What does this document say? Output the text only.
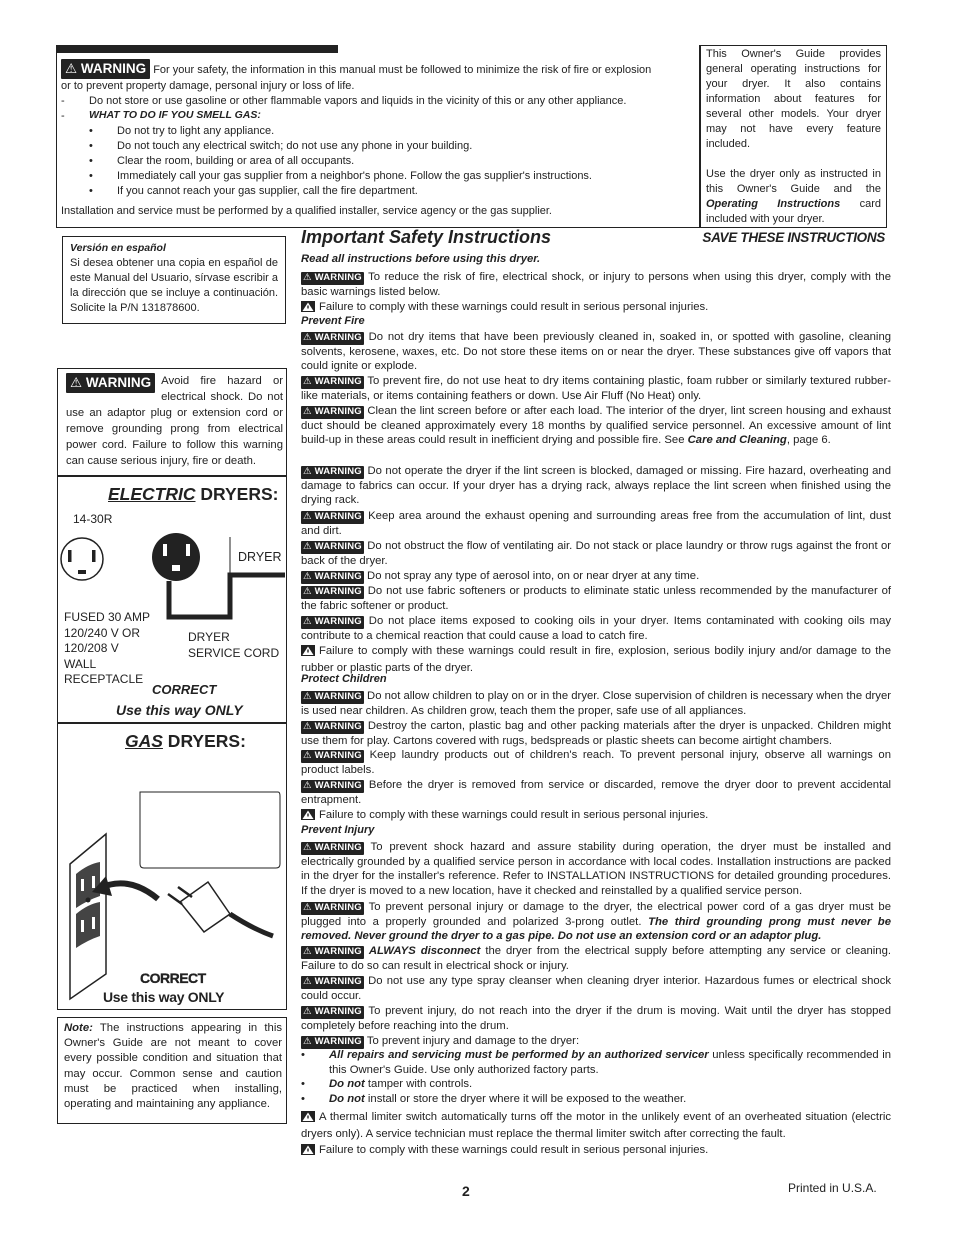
⚠ WARNING For your safety, the information in this manual must be followed to minimize the risk of fire or explosion
or to prevent property damage, personal injury or loss of life.
- Do not store or use gasoline or other flammable vapors and liquids in the vicinity of this or any other appliance.
- WHAT TO DO IF YOU SMELL GAS:
• Do not try to light any appliance.
• Do not touch any electrical switch; do not use any phone in your building.
• Clear the room, building or area of all occupants.
• Immediately call your gas supplier from a neighbor's phone. Follow the gas supplier's instructions.
• If you cannot reach your gas supplier, call the fire department.
Installation and service must be performed by a qualified installer, service agency or the gas supplier.

This Owner's Guide provides general operating instructions for your dryer. It also contains information about features for several other models. Your dryer may not have every feature included.

Use the dryer only as instructed in this Owner's Guide and the Operating Instructions card included with your dryer.

Versión en español
Si desea obtener una copia en español de este Manual del Usuario, sírvase escribir a la dirección que se incluye a continuación. Solicite la P/N 131878600.
⚠ WARNING Avoid fire hazard or electrical shock. Do not use an adaptor plug or extension cord or remove grounding prong from electrical power cord. Failure to follow this warning can cause serious injury, fire or death.
ELECTRIC DRYERS:
14-30R
DRYER
FUSED 30 AMP
120/240 V OR
120/208 V
WALL
RECEPTACLE
DRYER
SERVICE CORD
CORRECT
Use this way ONLY
GAS DRYERS:
CORRECT
Use this way ONLY
Note: The instructions appearing in this Owner's Guide are not meant to cover every possible condition and situation that may occur. Common sense and caution must be practiced when installing, operating and maintaining any appliance.
Important Safety Instructions	SAVE THESE INSTRUCTIONS
Read all instructions before using this dryer.
⚠ WARNING To reduce the risk of fire, electrical shock, or injury to persons when using this dryer, comply with the basic warnings listed below.
Failure to comply with these warnings could result in serious personal injuries.
Prevent Fire
⚠ WARNING Do not dry items that have been previously cleaned in, soaked in, or spotted with gasoline, cleaning solvents, kerosene, waxes, etc. Do not store these items on or near the dryer. These substances give off vapors that could ignite or explode.
⚠ WARNING To prevent fire, do not use heat to dry items containing plastic, foam rubber or similarly textured rubber-like materials, or items containing feathers or down. Use Air Fluff (No Heat) only.
⚠ WARNING Clean the lint screen before or after each load. The interior of the dryer, lint screen housing and exhaust duct should be cleaned approximately every 18 months by qualified service personnel. An excessive amount of lint build-up in these areas could result in inefficient drying and possible fire. See Care and Cleaning, page 6.
⚠ WARNING Do not operate the dryer if the lint screen is blocked, damaged or missing. Fire hazard, overheating and damage to fabrics can occur. If your dryer has a drying rack, always replace the lint screen when finished using the drying rack.
⚠ WARNING Keep area around the exhaust opening and surrounding areas free from the accumulation of lint, dust and dirt.
⚠ WARNING Do not obstruct the flow of ventilating air. Do not stack or place laundry or throw rugs against the front or back of the dryer.
⚠ WARNING Do not spray any type of aerosol into, on or near dryer at any time.
⚠ WARNING Do not use fabric softeners or products to eliminate static unless recommended by the manufacturer of the fabric softener or product.
⚠ WARNING Do not place items exposed to cooking oils in your dryer. Items contaminated with cooking oils may contribute to a chemical reaction that could cause a load to catch fire.
Failure to comply with these warnings could result in fire, explosion, serious bodily injury and/or damage to the rubber or plastic parts of the dryer.
Protect Children
⚠ WARNING Do not allow children to play on or in the dryer. Close supervision of children is necessary when the dryer is used near children. As children grow, teach them the proper, safe use of all appliances.
⚠ WARNING Destroy the carton, plastic bag and other packing materials after the dryer is unpacked. Children might use them for play. Cartons covered with rugs, bedspreads or plastic sheets can become airtight chambers.
⚠ WARNING Keep laundry products out of children's reach. To prevent personal injury, observe all warnings on product labels.
⚠ WARNING Before the dryer is removed from service or discarded, remove the dryer door to prevent accidental entrapment.
Failure to comply with these warnings could result in serious personal injuries.
Prevent Injury
⚠ WARNING To prevent shock hazard and assure stability during operation, the dryer must be installed and electrically grounded by a qualified service person in accordance with local codes. Installation instructions are packed in the dryer for the installer's reference. Refer to INSTALLATION INSTRUCTIONS for detailed grounding procedures. If the dryer is moved to a new location, have it checked and reinstalled by a qualified service person.
⚠ WARNING To prevent personal injury or damage to the dryer, the electrical power cord of a gas dryer must be plugged into a properly grounded and polarized 3-prong outlet. The third grounding prong must never be removed. Never ground the dryer to a gas pipe. Do not use an extension cord or an adaptor plug.
⚠ WARNING ALWAYS disconnect the dryer from the electrical supply before attempting any service or cleaning. Failure to do so can result in electrical shock or injury.
⚠ WARNING Do not use any type spray cleanser when cleaning dryer interior. Hazardous fumes or electrical shock could occur.
⚠ WARNING To prevent injury, do not reach into the dryer if the drum is moving. Wait until the dryer has stopped completely before reaching into the drum.
⚠ WARNING To prevent injury and damage to the dryer:
• All repairs and servicing must be performed by an authorized servicer unless specifically recommended in this Owner's Guide. Use only authorized factory parts.
• Do not tamper with controls.
• Do not install or store the dryer where it will be exposed to the weather.
A thermal limiter switch automatically turns off the motor in the unlikely event of an overheated situation (electric dryers only). A service technician must replace the thermal limiter switch after correcting the fault.
Failure to comply with these warnings could result in serious personal injuries.
2	Printed in U.S.A.
